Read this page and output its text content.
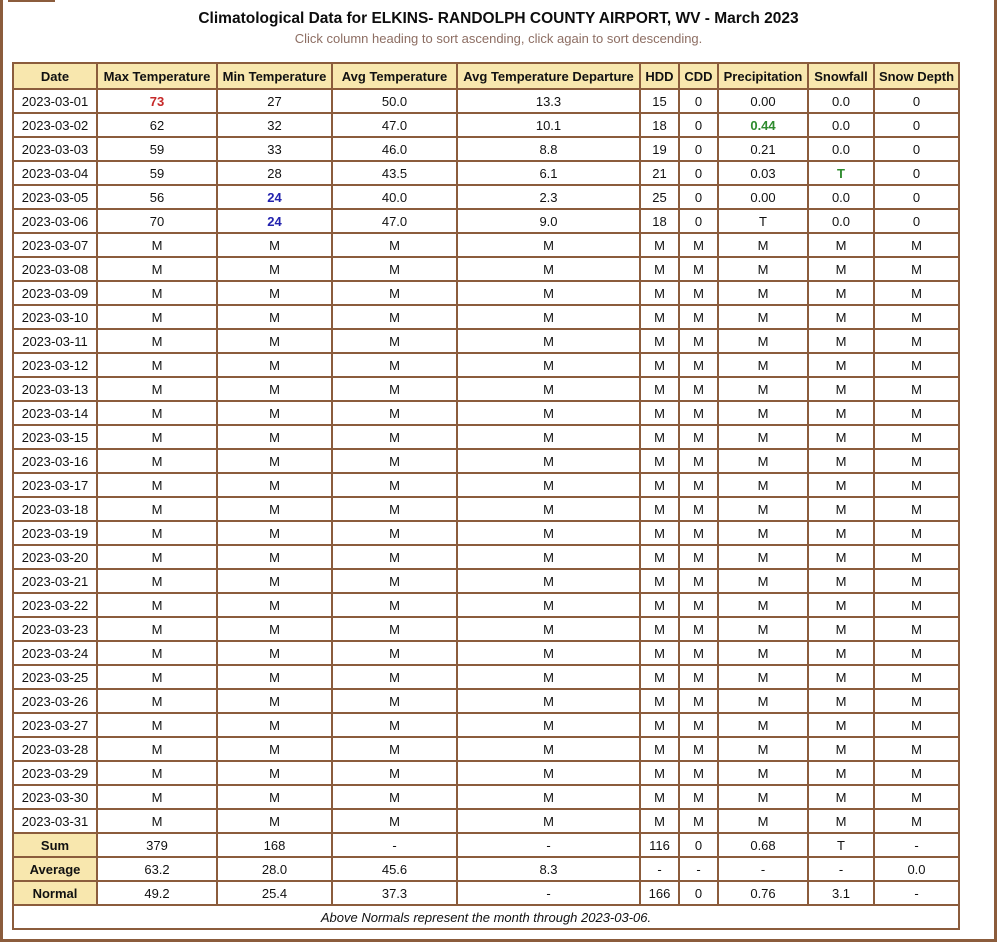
Climatological Data for ELKINS- RANDOLPH COUNTY AIRPORT, WV - March 2023
Click column heading to sort ascending, click again to sort descending.
Date	Max Temperature	Min Temperature	Avg Temperature	Avg Temperature Departure	HDD	CDD	Precipitation	Snowfall	Snow Depth
2023-03-01	73	27	50.0	13.3	15	0	0.00	0.0	0
2023-03-02	62	32	47.0	10.1	18	0	0.44	0.0	0
2023-03-03	59	33	46.0	8.8	19	0	0.21	0.0	0
2023-03-04	59	28	43.5	6.1	21	0	0.03	T	0
2023-03-05	56	24	40.0	2.3	25	0	0.00	0.0	0
2023-03-06	70	24	47.0	9.0	18	0	T	0.0	0
2023-03-07	M	M	M	M	M	M	M	M	M
2023-03-08	M	M	M	M	M	M	M	M	M
2023-03-09	M	M	M	M	M	M	M	M	M
2023-03-10	M	M	M	M	M	M	M	M	M
2023-03-11	M	M	M	M	M	M	M	M	M
2023-03-12	M	M	M	M	M	M	M	M	M
2023-03-13	M	M	M	M	M	M	M	M	M
2023-03-14	M	M	M	M	M	M	M	M	M
2023-03-15	M	M	M	M	M	M	M	M	M
2023-03-16	M	M	M	M	M	M	M	M	M
2023-03-17	M	M	M	M	M	M	M	M	M
2023-03-18	M	M	M	M	M	M	M	M	M
2023-03-19	M	M	M	M	M	M	M	M	M
2023-03-20	M	M	M	M	M	M	M	M	M
2023-03-21	M	M	M	M	M	M	M	M	M
2023-03-22	M	M	M	M	M	M	M	M	M
2023-03-23	M	M	M	M	M	M	M	M	M
2023-03-24	M	M	M	M	M	M	M	M	M
2023-03-25	M	M	M	M	M	M	M	M	M
2023-03-26	M	M	M	M	M	M	M	M	M
2023-03-27	M	M	M	M	M	M	M	M	M
2023-03-28	M	M	M	M	M	M	M	M	M
2023-03-29	M	M	M	M	M	M	M	M	M
2023-03-30	M	M	M	M	M	M	M	M	M
2023-03-31	M	M	M	M	M	M	M	M	M
Sum	379	168	-	-	116	0	0.68	T	-
Average	63.2	28.0	45.6	8.3	-	-	-	-	0.0
Normal	49.2	25.4	37.3	-	166	0	0.76	3.1	-
Above Normals represent the month through 2023-03-06.									
